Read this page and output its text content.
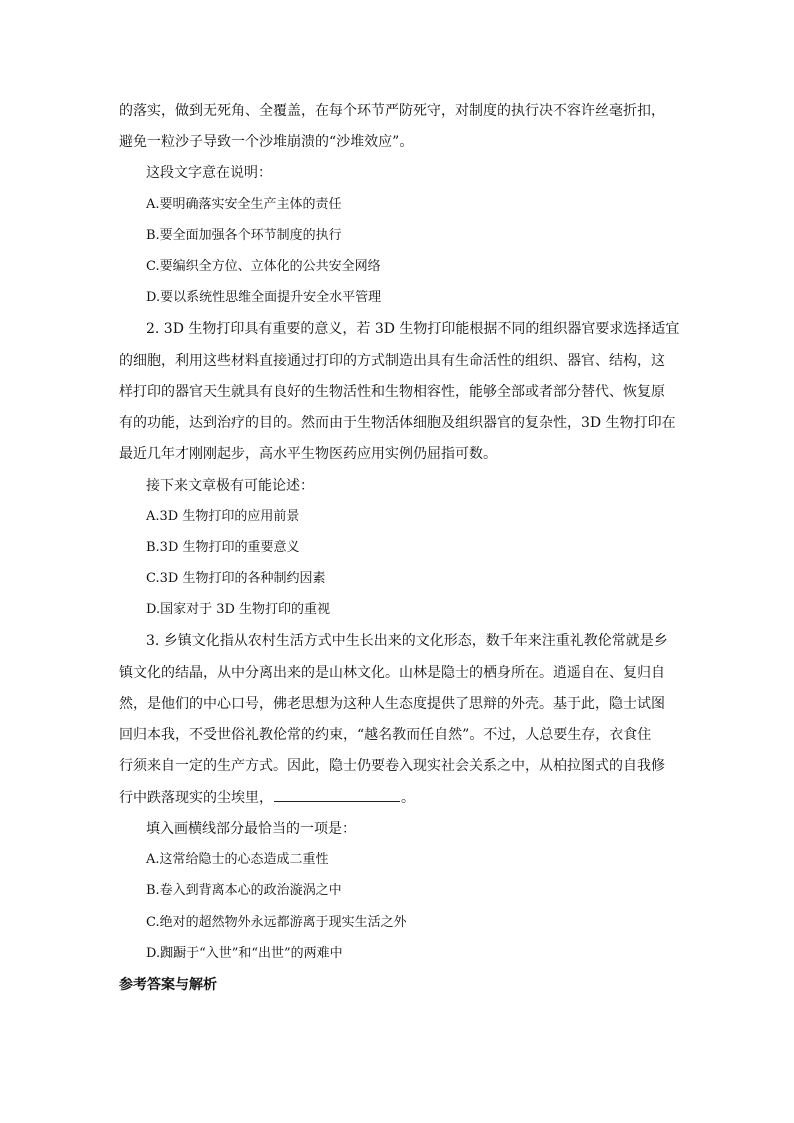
的落实，做到无死角、全覆盖，在每个环节严防死守，对制度的执行决不容许丝毫折扣，
避免一粒沙子导致一个沙堆崩溃的“沙堆效应”。
这段文字意在说明：
A.要明确落实安全生产主体的责任
B.要全面加强各个环节制度的执行
C.要编织全方位、立体化的公共安全网络
D.要以系统性思维全面提升安全水平管理
2. 3D 生物打印具有重要的意义，若 3D 生物打印能根据不同的组织器官要求选择适宜
的细胞，利用这些材料直接通过打印的方式制造出具有生命活性的组织、器官、结构，这
样打印的器官天生就具有良好的生物活性和生物相容性，能够全部或者部分替代、恢复原
有的功能，达到治疗的目的。然而由于生物活体细胞及组织器官的复杂性，3D 生物打印在
最近几年才刚刚起步，高水平生物医药应用实例仍屈指可数。
接下来文章极有可能论述：
A.3D 生物打印的应用前景
B.3D 生物打印的重要意义
C.3D 生物打印的各种制约因素
D.国家对于 3D 生物打印的重视
3. 乡镇文化指从农村生活方式中生长出来的文化形态，数千年来注重礼教伦常就是乡
镇文化的结晶，从中分离出来的是山林文化。山林是隐士的栖身所在。逍遥自在、复归自
然，是他们的中心口号，佛老思想为这种人生态度提供了思辩的外壳。基于此，隐士试图
回归本我，不受世俗礼教伦常的约束，“越名教而任自然”。不过，人总要生存，衣食住
行须来自一定的生产方式。因此，隐士仍要卷入现实社会关系之中，从柏拉图式的自我修
行中跌落现实的尘埃里，	。
填入画横线部分最恰当的一项是：
A.这常给隐士的心态造成二重性
B.卷入到背离本心的政治漩涡之中
C.绝对的超然物外永远都游离于现实生活之外
D.踟蹰于“入世”和“出世”的两难中
参考答案与解析
